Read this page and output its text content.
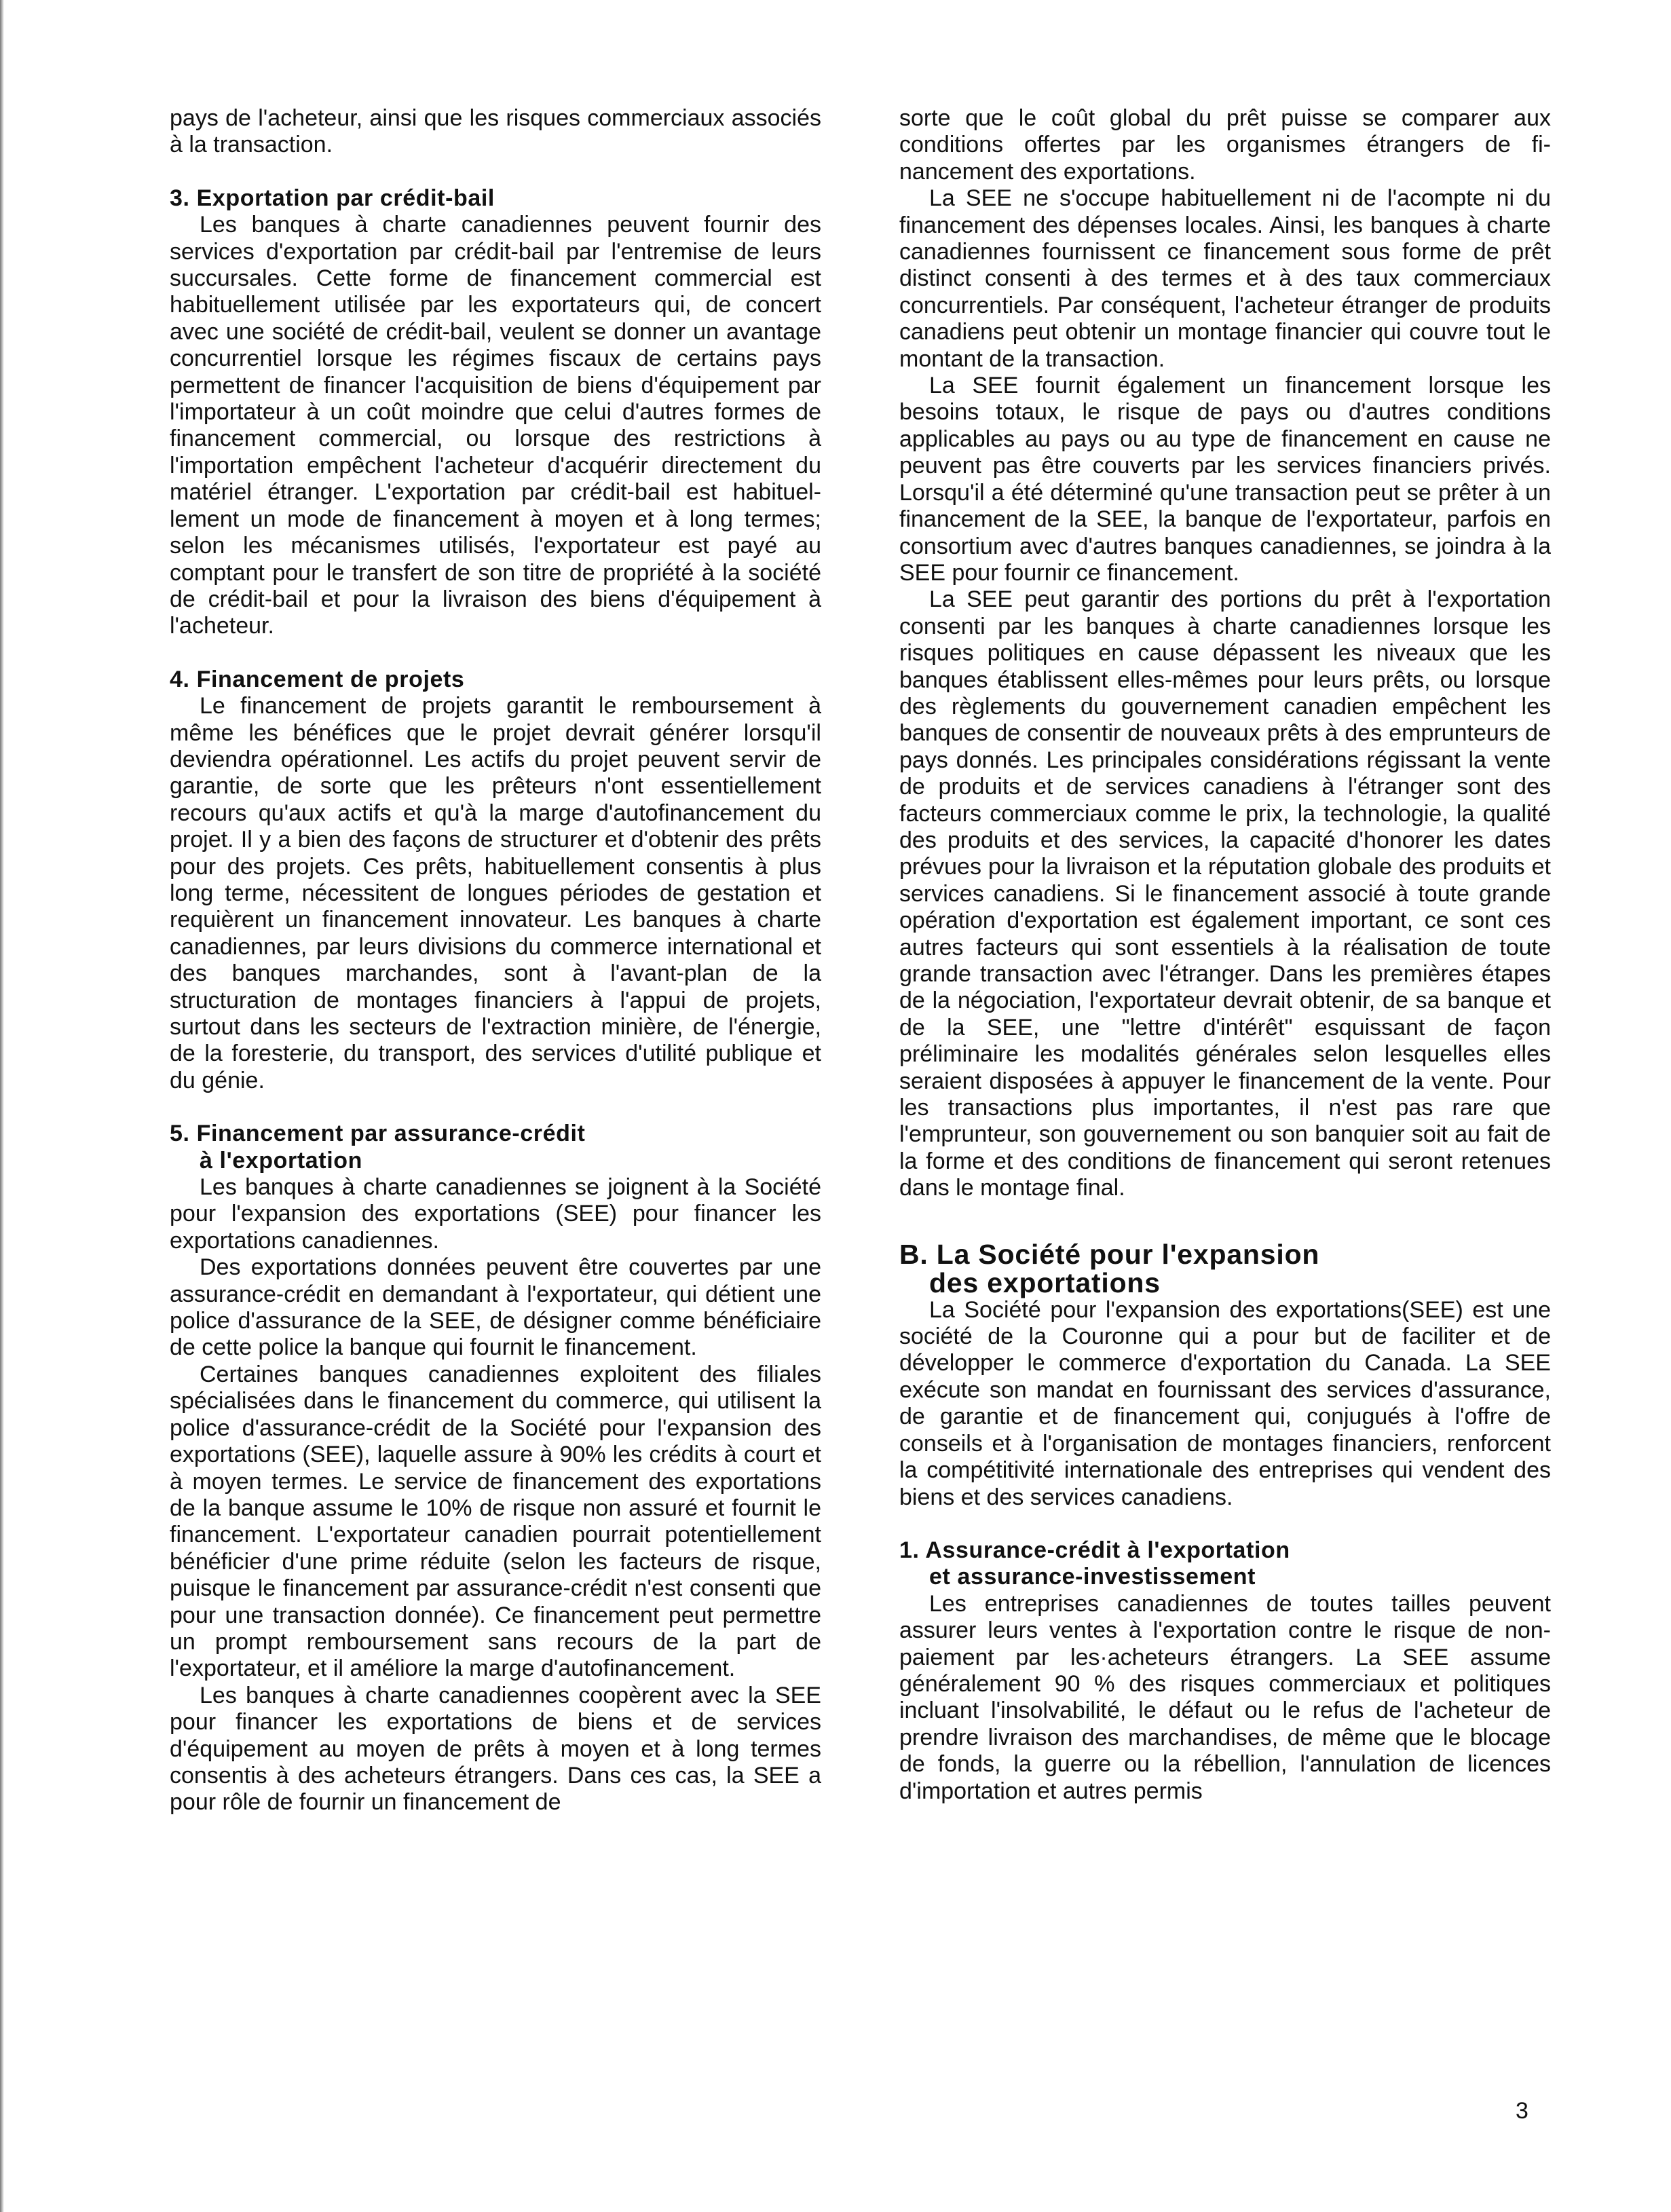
pays de l'acheteur, ainsi que les risques commerciaux associés à la transaction.

3. Exportation par crédit-bail

Les banques à charte canadiennes peuvent fournir des services d'exportation par crédit-bail par l'entremise de leurs succursales. Cette forme de financement commercial est habituellement utilisée par les exportateurs qui, de concert avec une société de crédit-bail, veulent se donner un avantage concurrentiel lorsque les régimes fiscaux de certains pays permettent de financer l'acquisition de biens d'équipement par l'importateur à un coût moindre que celui d'autres formes de financement commercial, ou lorsque des restrictions à l'importation empêchent l'acheteur d'acquérir directement du matériel étranger. L'exportation par crédit-bail est habituellement un mode de financement à moyen et à long termes; selon les mécanismes utilisés, l'exportateur est payé au comptant pour le transfert de son titre de propriété à la société de crédit-bail et pour la livraison des biens d'équipement à l'acheteur.

4. Financement de projets

Le financement de projets garantit le remboursement à même les bénéfices que le projet devrait générer lorsqu'il deviendra opérationnel. Les actifs du projet peuvent servir de garantie, de sorte que les prêteurs n'ont essentiellement recours qu'aux actifs et qu'à la marge d'autofinancement du projet. Il y a bien des façons de structurer et d'obtenir des prêts pour des projets. Ces prêts, habituellement consentis à plus long terme, nécessitent de longues périodes de gestation et requièrent un financement innovateur. Les banques à charte canadiennes, par leurs divisions du commerce international et des banques marchandes, sont à l'avant-plan de la structuration de montages financiers à l'appui de projets, surtout dans les secteurs de l'extraction minière, de l'énergie, de la foresterie, du transport, des services d'utilité publique et du génie.

5. Financement par assurance-crédit
à l'exportation

Les banques à charte canadiennes se joignent à la Société pour l'expansion des exportations (SEE) pour financer les exportations canadiennes.

Des exportations données peuvent être couvertes par une assurance-crédit en demandant à l'exportateur, qui détient une police d'assurance de la SEE, de désigner comme bénéficiaire de cette police la banque qui fournit le financement.

Certaines banques canadiennes exploitent des filiales spécialisées dans le financement du commerce, qui utilisent la police d'assurance-crédit de la Société pour l'expansion des exportations (SEE), laquelle assure à 90% les crédits à court et à moyen termes. Le service de financement des exportations de la banque assume le 10% de risque non assuré et fournit le financement. L'exportateur canadien pourrait potentiellement bénéficier d'une prime réduite (selon les facteurs de risque, puisque le financement par assurance-crédit n'est consenti que pour une transaction donnée). Ce financement peut permettre un prompt remboursement sans recours de la part de l'exportateur, et il améliore la marge d'autofinancement.

Les banques à charte canadiennes coopèrent avec la SEE pour financer les exportations de biens et de services d'équipement au moyen de prêts à moyen et à long termes consentis à des acheteurs étrangers. Dans ces cas, la SEE a pour rôle de fournir un financement de

sorte que le coût global du prêt puisse se comparer aux conditions offertes par les organismes étrangers de financement des exportations.

La SEE ne s'occupe habituellement ni de l'acompte ni du financement des dépenses locales. Ainsi, les banques à charte canadiennes fournissent ce financement sous forme de prêt distinct consenti à des termes et à des taux commerciaux concurrentiels. Par conséquent, l'acheteur étranger de produits canadiens peut obtenir un montage financier qui couvre tout le montant de la transaction.

La SEE fournit également un financement lorsque les besoins totaux, le risque de pays ou d'autres conditions applicables au pays ou au type de financement en cause ne peuvent pas être couverts par les services financiers privés. Lorsqu'il a été déterminé qu'une transaction peut se prêter à un financement de la SEE, la banque de l'exportateur, parfois en consortium avec d'autres banques canadiennes, se joindra à la SEE pour fournir ce financement.

La SEE peut garantir des portions du prêt à l'exportation consenti par les banques à charte canadiennes lorsque les risques politiques en cause dépassent les niveaux que les banques établissent elles-mêmes pour leurs prêts, ou lorsque des règlements du gouvernement canadien empêchent les banques de consentir de nouveaux prêts à des emprunteurs de pays donnés. Les principales considérations régissant la vente de produits et de services canadiens à l'étranger sont des facteurs commerciaux comme le prix, la technologie, la qualité des produits et des services, la capacité d'honorer les dates prévues pour la livraison et la réputation globale des produits et services canadiens. Si le financement associé à toute grande opération d'exportation est également important, ce sont ces autres facteurs qui sont essentiels à la réalisation de toute grande transaction avec l'étranger. Dans les premières étapes de la négociation, l'exportateur devrait obtenir, de sa banque et de la SEE, une "lettre d'intérêt" esquissant de façon préliminaire les modalités générales selon lesquelles elles seraient disposées à appuyer le financement de la vente. Pour les transactions plus importantes, il n'est pas rare que l'emprunteur, son gouvernement ou son banquier soit au fait de la forme et des conditions de financement qui seront retenues dans le montage final.

B. La Société pour l'expansion
des exportations

La Société pour l'expansion des exportations(SEE) est une société de la Couronne qui a pour but de faciliter et de développer le commerce d'exportation du Canada. La SEE exécute son mandat en fournissant des services d'assurance, de garantie et de financement qui, conjugués à l'offre de conseils et à l'organisation de montages financiers, renforcent la compétitivité internationale des entreprises qui vendent des biens et des services canadiens.

1. Assurance-crédit à l'exportation
et assurance-investissement

Les entreprises canadiennes de toutes tailles peuvent assurer leurs ventes à l'exportation contre le risque de non-paiement par les·acheteurs étrangers. La SEE assume généralement 90 % des risques commerciaux et politiques incluant l'insolvabilité, le défaut ou le refus de l'acheteur de prendre livraison des marchandises, de même que le blocage de fonds, la guerre ou la rébellion, l'annulation de licences d'importation et autres permis

3
